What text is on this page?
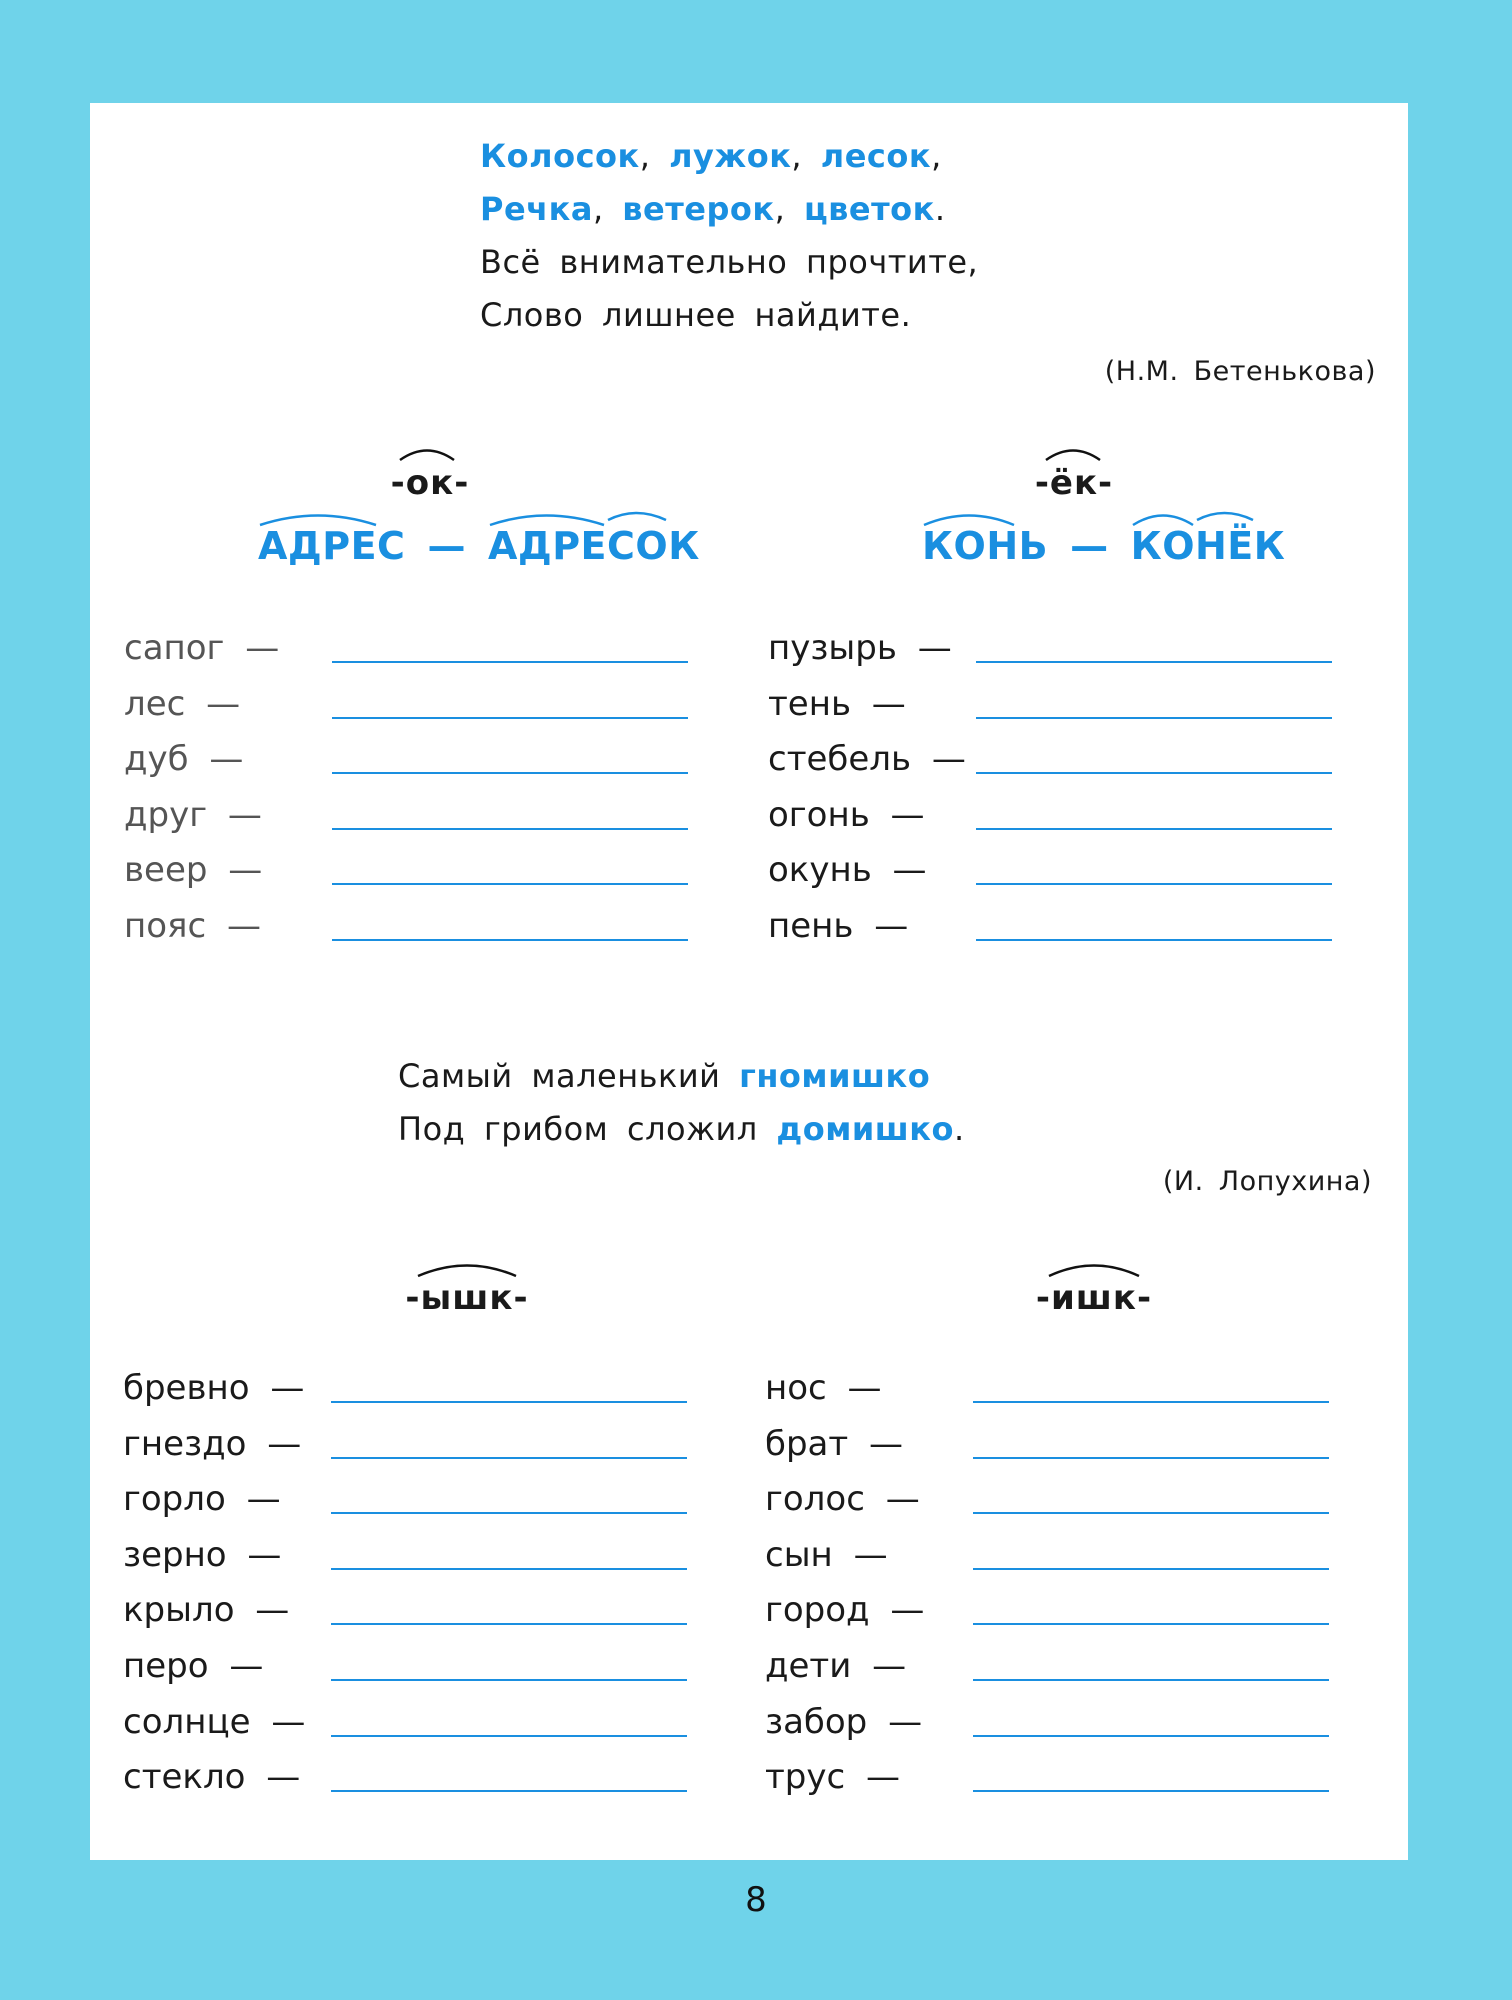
Колосок, лужок, лесок,
Речка, ветерок, цветок.
Всё внимательно прочтите,
Слово лишнее найдите.
(Н.М. Бетенькова)
-ок-
АДРЕС — АДРЕСОК
-ёк-
КОНЬ — КОНЁК
сапог —
лес —
дуб —
друг —
веер —
пояс —
пузырь —
тень —
стебель —
огонь —
окунь —
пень —
Самый маленький гномишко
Под грибом сложил домишко.
(И. Лопухина)
-ышк-	-ишк-
бревно —
гнездо —
горло —
зерно —
крыло —
перо —
солнце —
стекло —
нос —
брат —
голос —
сын —
город —
дети —
забор —
трус —
8
